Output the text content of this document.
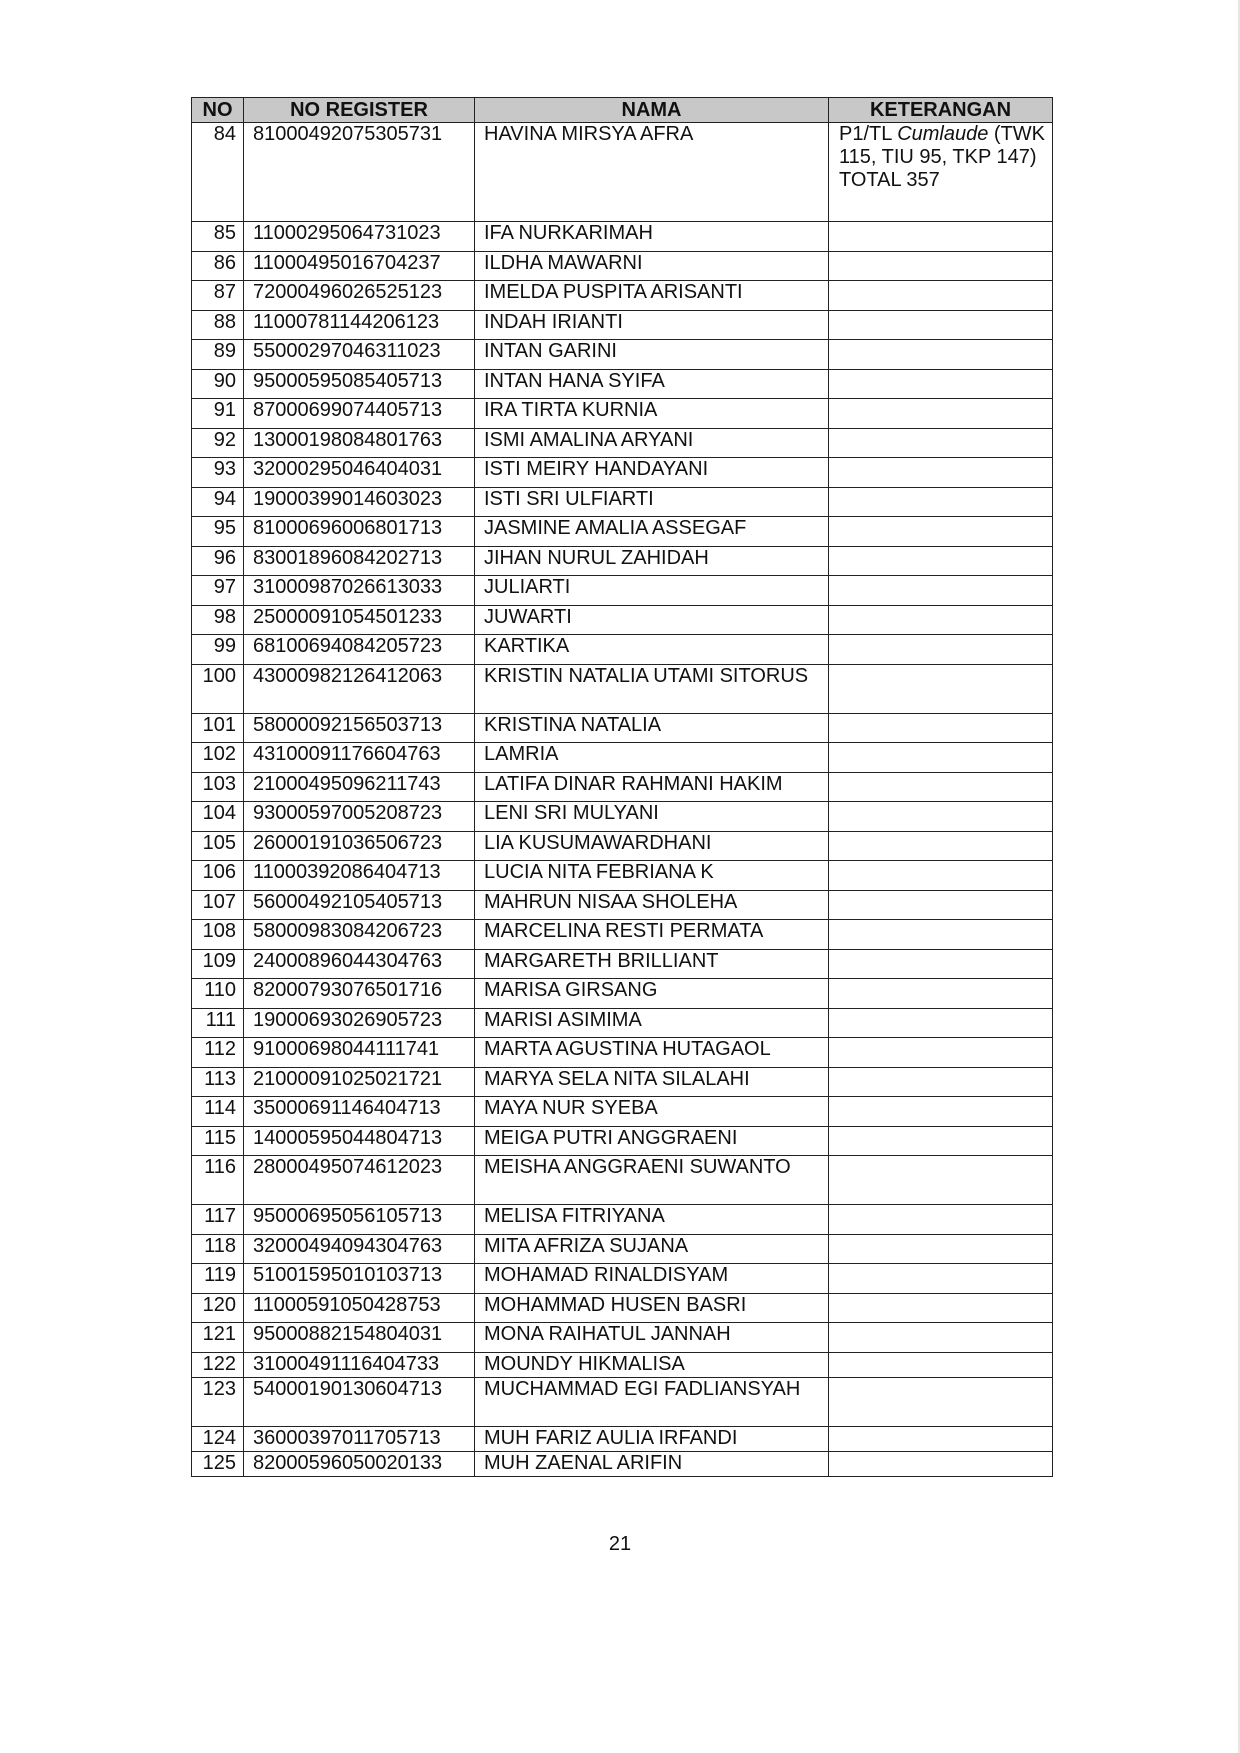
NO	NO REGISTER	NAMA	KETERANGAN
84	81000492075305731	HAVINA MIRSYA AFRA	P1/TL Cumlaude (TWK 115, TIU 95, TKP 147) TOTAL 357
85	11000295064731023	IFA NURKARIMAH	
86	11000495016704237	ILDHA MAWARNI	
87	72000496026525123	IMELDA PUSPITA ARISANTI	
88	11000781144206123	INDAH IRIANTI	
89	55000297046311023	INTAN GARINI	
90	95000595085405713	INTAN HANA SYIFA	
91	87000699074405713	IRA TIRTA KURNIA	
92	13000198084801763	ISMI AMALINA ARYANI	
93	32000295046404031	ISTI MEIRY HANDAYANI	
94	19000399014603023	ISTI SRI ULFIARTI	
95	81000696006801713	JASMINE AMALIA ASSEGAF	
96	83001896084202713	JIHAN NURUL ZAHIDAH	
97	31000987026613033	JULIARTI	
98	25000091054501233	JUWARTI	
99	68100694084205723	KARTIKA	
100	43000982126412063	KRISTIN NATALIA UTAMI SITORUS	
101	58000092156503713	KRISTINA NATALIA	
102	43100091176604763	LAMRIA	
103	21000495096211743	LATIFA DINAR RAHMANI HAKIM	
104	93000597005208723	LENI SRI MULYANI	
105	26000191036506723	LIA KUSUMAWARDHANI	
106	11000392086404713	LUCIA NITA FEBRIANA K	
107	56000492105405713	MAHRUN NISAA SHOLEHA	
108	58000983084206723	MARCELINA RESTI PERMATA	
109	24000896044304763	MARGARETH BRILLIANT	
110	82000793076501716	MARISA GIRSANG	
111	19000693026905723	MARISI ASIMIMA	
112	91000698044111741	MARTA AGUSTINA HUTAGAOL	
113	21000091025021721	MARYA SELA NITA SILALAHI	
114	35000691146404713	MAYA NUR SYEBA	
115	14000595044804713	MEIGA PUTRI ANGGRAENI	
116	28000495074612023	MEISHA ANGGRAENI SUWANTO	
117	95000695056105713	MELISA FITRIYANA	
118	32000494094304763	MITA AFRIZA SUJANA	
119	51001595010103713	MOHAMAD RINALDISYAM	
120	11000591050428753	MOHAMMAD HUSEN BASRI	
121	95000882154804031	MONA RAIHATUL JANNAH	
122	31000491116404733	MOUNDY HIKMALISA	
123	54000190130604713	MUCHAMMAD EGI FADLIANSYAH	
124	36000397011705713	MUH FARIZ AULIA IRFANDI	
125	82000596050020133	MUH ZAENAL ARIFIN	
21
